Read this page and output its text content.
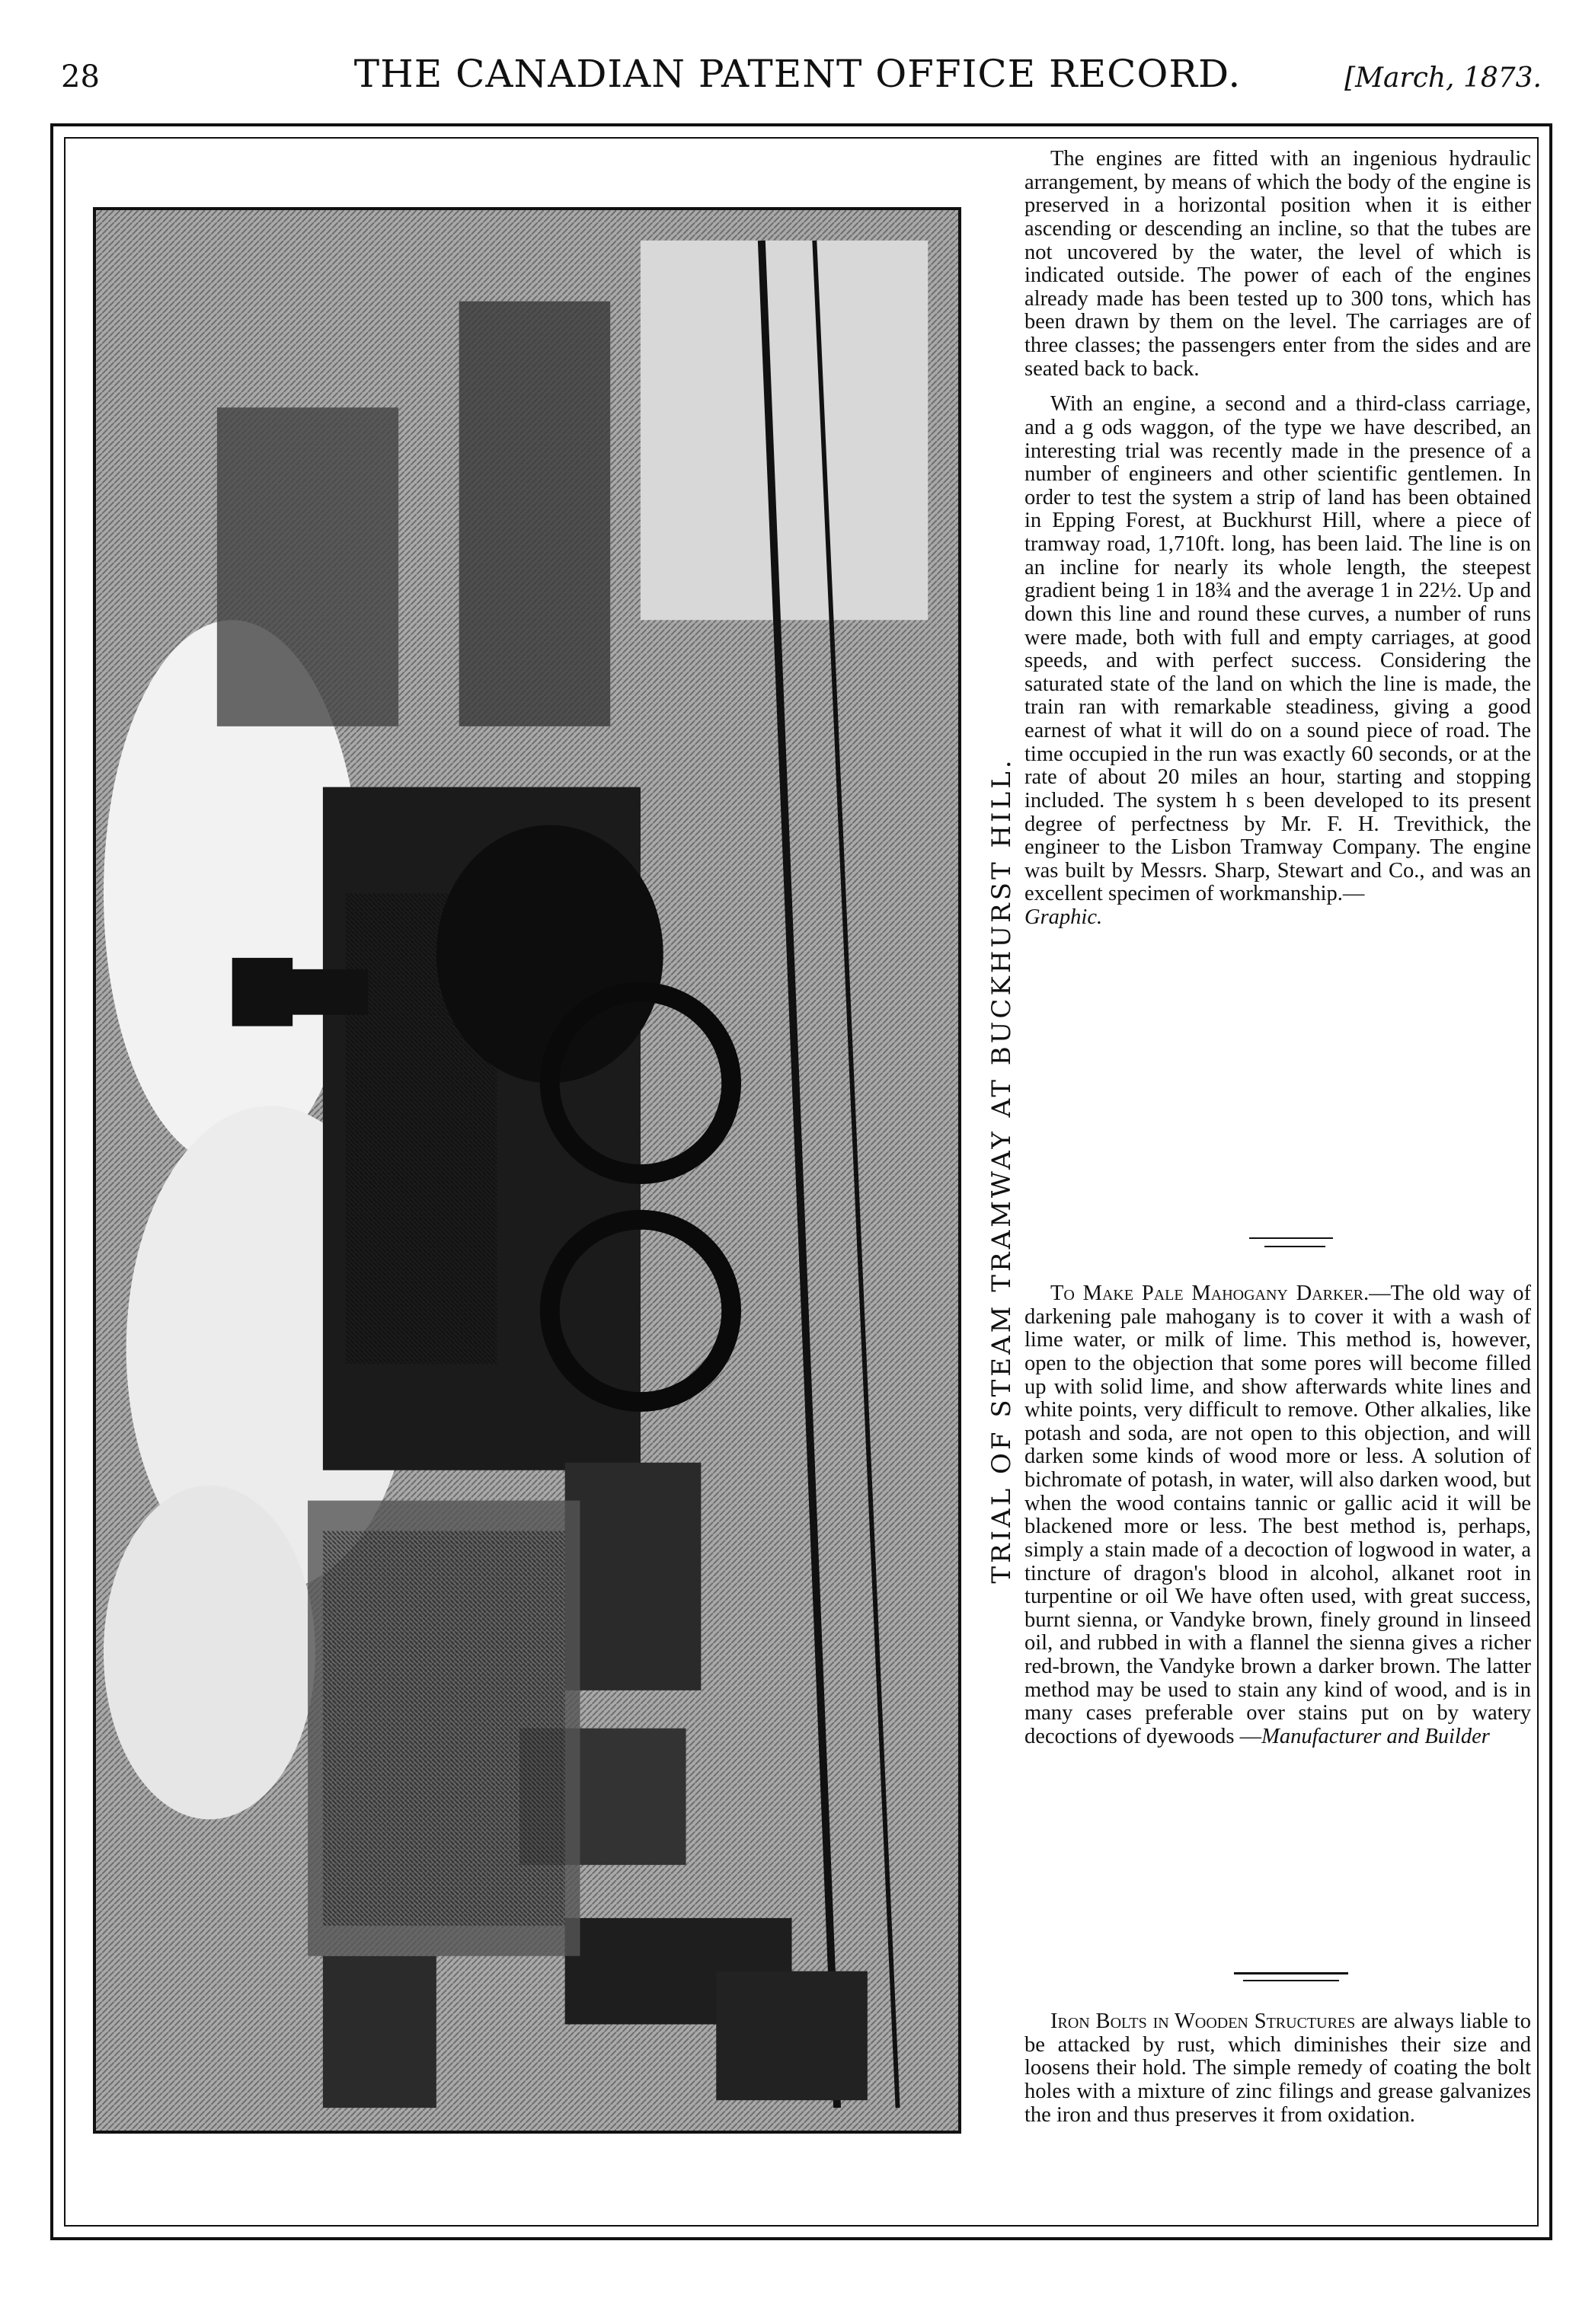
28	THE CANADIAN PATENT OFFICE RECORD.	[March, 1873.
TRIAL OF STEAM TRAMWAY AT BUCKHURST HILL.

The engines are fitted with an ingenious hydraulic arrangement, by means of which the body of the engine is preserved in a horizontal position when it is either ascending or descending an incline, so that the tubes are not uncovered by the water, the level of which is indicated outside. The power of each of the engines already made has been tested up to 300 tons, which has been drawn by them on the level. The carriages are of three classes; the passengers enter from the sides and are seated back to back.

With an engine, a second and a third-class carriage, and a g ods waggon, of the type we have described, an interesting trial was recently made in the presence of a number of engineers and other scientific gentlemen. In order to test the system a strip of land has been obtained in Epping Forest, at Buckhurst Hill, where a piece of tramway road, 1,710ft. long, has been laid. The line is on an incline for nearly its whole length, the steepest gradient being 1 in 18¾ and the average 1 in 22½. Up and down this line and round these curves, a number of runs were made, both with full and empty carriages, at good speeds, and with perfect success. Considering the saturated state of the land on which the line is made, the train ran with remarkable steadiness, giving a good earnest of what it will do on a sound piece of road. The time occupied in the run was exactly 60 seconds, or at the rate of about 20 miles an hour, starting and stopping included. The system h s been developed to its present degree of perfectness by Mr. F. H. Trevithick, the engineer to the Lisbon Tramway Company. The engine was built by Messrs. Sharp, Stewart and Co., and was an excellent specimen of workmanship.—
Graphic.

To Make Pale Mahogany Darker.—The old way of darkening pale mahogany is to cover it with a wash of lime water, or milk of lime. This method is, however, open to the objection that some pores will become filled up with solid lime, and show afterwards white lines and white points, very difficult to remove. Other alkalies, like potash and soda, are not open to this objection, and will darken some kinds of wood more or less. A solution of bichromate of potash, in water, will also darken wood, but when the wood contains tannic or gallic acid it will be blackened more or less. The best method is, perhaps, simply a stain made of a decoction of logwood in water, a tincture of dragon's blood in alcohol, alkanet root in turpentine or oil We have often used, with great success, burnt sienna, or Vandyke brown, finely ground in linseed oil, and rubbed in with a flannel the sienna gives a richer red-brown, the Vandyke brown a darker brown. The latter method may be used to stain any kind of wood, and is in many cases preferable over stains put on by watery decoctions of dyewoods —Manufacturer and Builder

Iron Bolts in Wooden Structures are always liable to be attacked by rust, which diminishes their size and loosens their hold. The simple remedy of coating the bolt holes with a mixture of zinc filings and grease galvanizes the iron and thus preserves it from oxidation.
